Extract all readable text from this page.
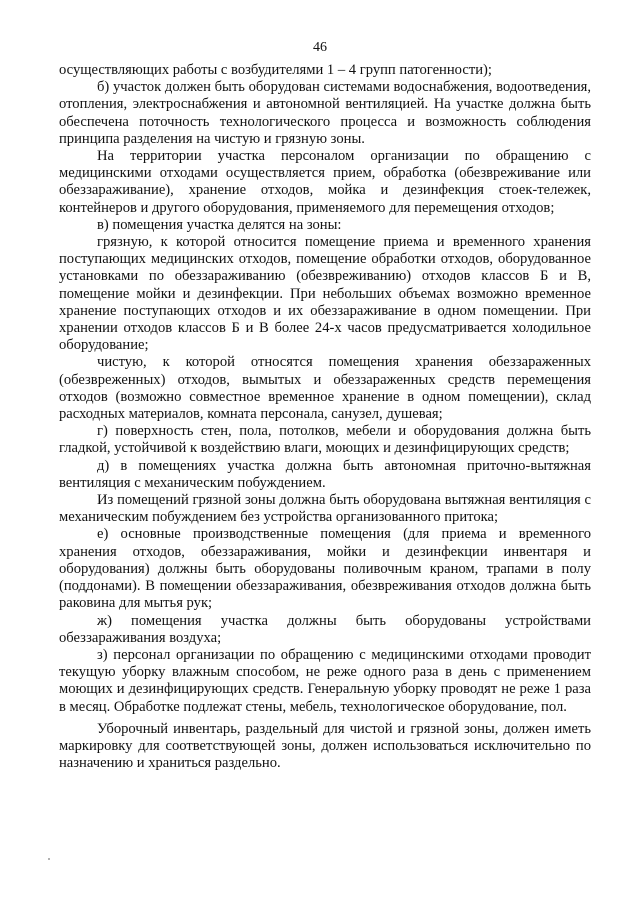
46

осуществляющих работы с возбудителями 1 – 4 групп патогенности);

б) участок должен быть оборудован системами водоснабжения, водоотведения, отопления, электроснабжения и автономной вентиляцией. На участке должна быть обеспечена поточность технологического процесса и возможность соблюдения принципа разделения на чистую и грязную зоны.

На территории участка персоналом организации по обращению с медицинскими отходами осуществляется прием, обработка (обезвреживание или обеззараживание), хранение отходов, мойка и дезинфекция стоек-тележек, контейнеров и другого оборудования, применяемого для перемещения отходов;

в) помещения участка делятся на зоны:

грязную, к которой относится помещение приема и временного хранения поступающих медицинских отходов, помещение обработки отходов, оборудованное установками по обеззараживанию (обезвреживанию) отходов классов Б и В, помещение мойки и дезинфекции. При небольших объемах возможно временное хранение поступающих отходов и их обеззараживание в одном помещении. При хранении отходов классов Б и В более 24-х часов предусматривается холодильное оборудование;

чистую, к которой относятся помещения хранения обеззараженных (обезвреженных) отходов, вымытых и обеззараженных средств перемещения отходов (возможно совместное временное хранение в одном помещении), склад расходных материалов, комната персонала, санузел, душевая;

г) поверхность стен, пола, потолков, мебели и оборудования должна быть гладкой, устойчивой к воздействию влаги, моющих и дезинфицирующих средств;

д) в помещениях участка должна быть автономная приточно-вытяжная вентиляция с механическим побуждением.

Из помещений грязной зоны должна быть оборудована вытяжная вентиляция с механическим побуждением без устройства организованного притока;

е) основные производственные помещения (для приема и временного хранения отходов, обеззараживания, мойки и дезинфекции инвентаря и оборудования) должны быть оборудованы поливочным краном, трапами в полу (поддонами). В помещении обеззараживания, обезвреживания отходов должна быть раковина для мытья рук;

ж) помещения участка должны быть оборудованы устройствами обеззараживания воздуха;

з) персонал организации по обращению с медицинскими отходами проводит текущую уборку влажным способом, не реже одного раза в день с применением моющих и дезинфицирующих средств. Генеральную уборку проводят не реже 1 раза в месяц. Обработке подлежат стены, мебель, технологическое оборудование, пол.

Уборочный инвентарь, раздельный для чистой и грязной зоны, должен иметь маркировку для соответствующей зоны, должен использоваться исключительно по назначению и храниться раздельно.
